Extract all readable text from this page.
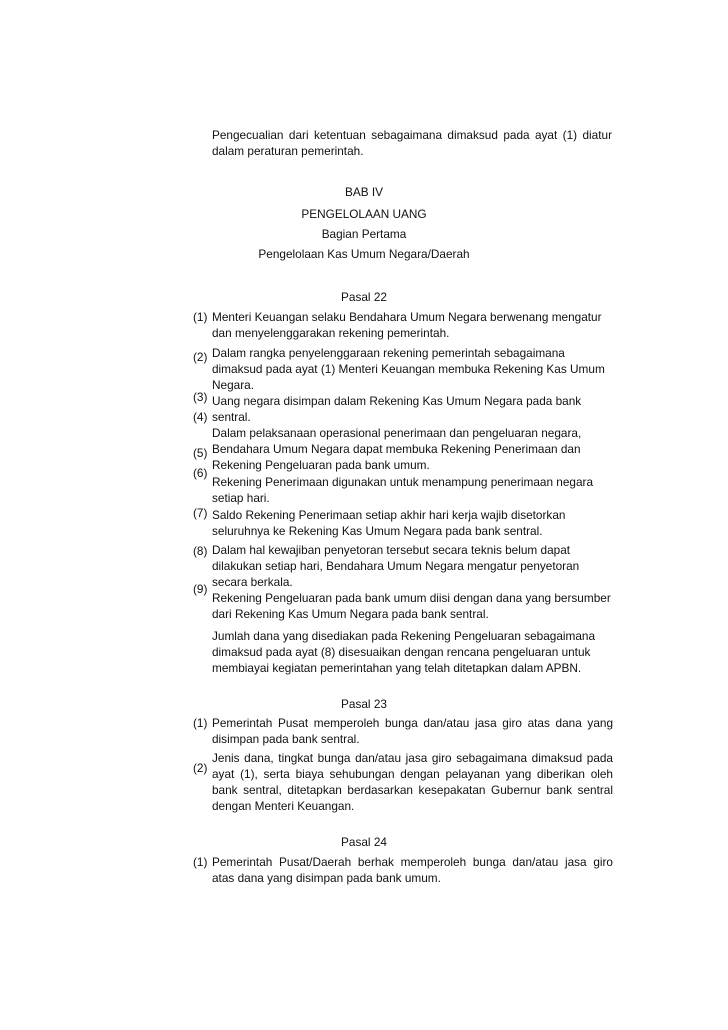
Pengecualian dari ketentuan sebagaimana dimaksud pada ayat (1) diatur dalam peraturan pemerintah.
BAB IV
PENGELOLAAN UANG
Bagian Pertama
Pengelolaan Kas Umum Negara/Daerah
Pasal 22
(1)
(2)
(3)
(4)
(5)
(6)
(7)
(8)
(9)
Menteri Keuangan selaku Bendahara Umum Negara berwenang mengatur dan menyelenggarakan rekening pemerintah.
Dalam rangka penyelenggaraan rekening pemerintah sebagaimana dimaksud pada ayat (1) Menteri Keuangan membuka Rekening Kas Umum Negara.
Uang negara disimpan dalam Rekening Kas Umum Negara pada bank sentral.
Dalam pelaksanaan operasional penerimaan dan pengeluaran negara, Bendahara Umum Negara dapat membuka Rekening Penerimaan dan Rekening Pengeluaran pada bank umum.
Rekening Penerimaan digunakan untuk menampung penerimaan negara setiap hari.
Saldo Rekening Penerimaan setiap akhir hari kerja wajib disetorkan seluruhnya ke Rekening Kas Umum Negara pada bank sentral.
Dalam hal kewajiban penyetoran tersebut secara teknis belum dapat dilakukan setiap hari, Bendahara Umum Negara mengatur penyetoran secara berkala.
Rekening Pengeluaran pada bank umum diisi dengan dana yang bersumber dari Rekening Kas Umum Negara pada bank sentral.
Jumlah dana yang disediakan pada Rekening Pengeluaran sebagaimana dimaksud pada ayat (8) disesuaikan dengan rencana pengeluaran untuk membiayai kegiatan pemerintahan yang telah ditetapkan dalam APBN.
Pasal 23
(1)
(2)
Pemerintah Pusat memperoleh bunga dan/atau jasa giro atas dana yang disimpan pada bank sentral.
Jenis dana, tingkat bunga dan/atau jasa giro sebagaimana dimaksud pada ayat (1), serta biaya sehubungan dengan pelayanan yang diberikan oleh bank sentral, ditetapkan berdasarkan kesepakatan Gubernur bank sentral dengan Menteri Keuangan.
Pasal 24
(1) Pemerintah Pusat/Daerah berhak memperoleh bunga dan/atau jasa giro atas dana yang disimpan pada bank umum.
